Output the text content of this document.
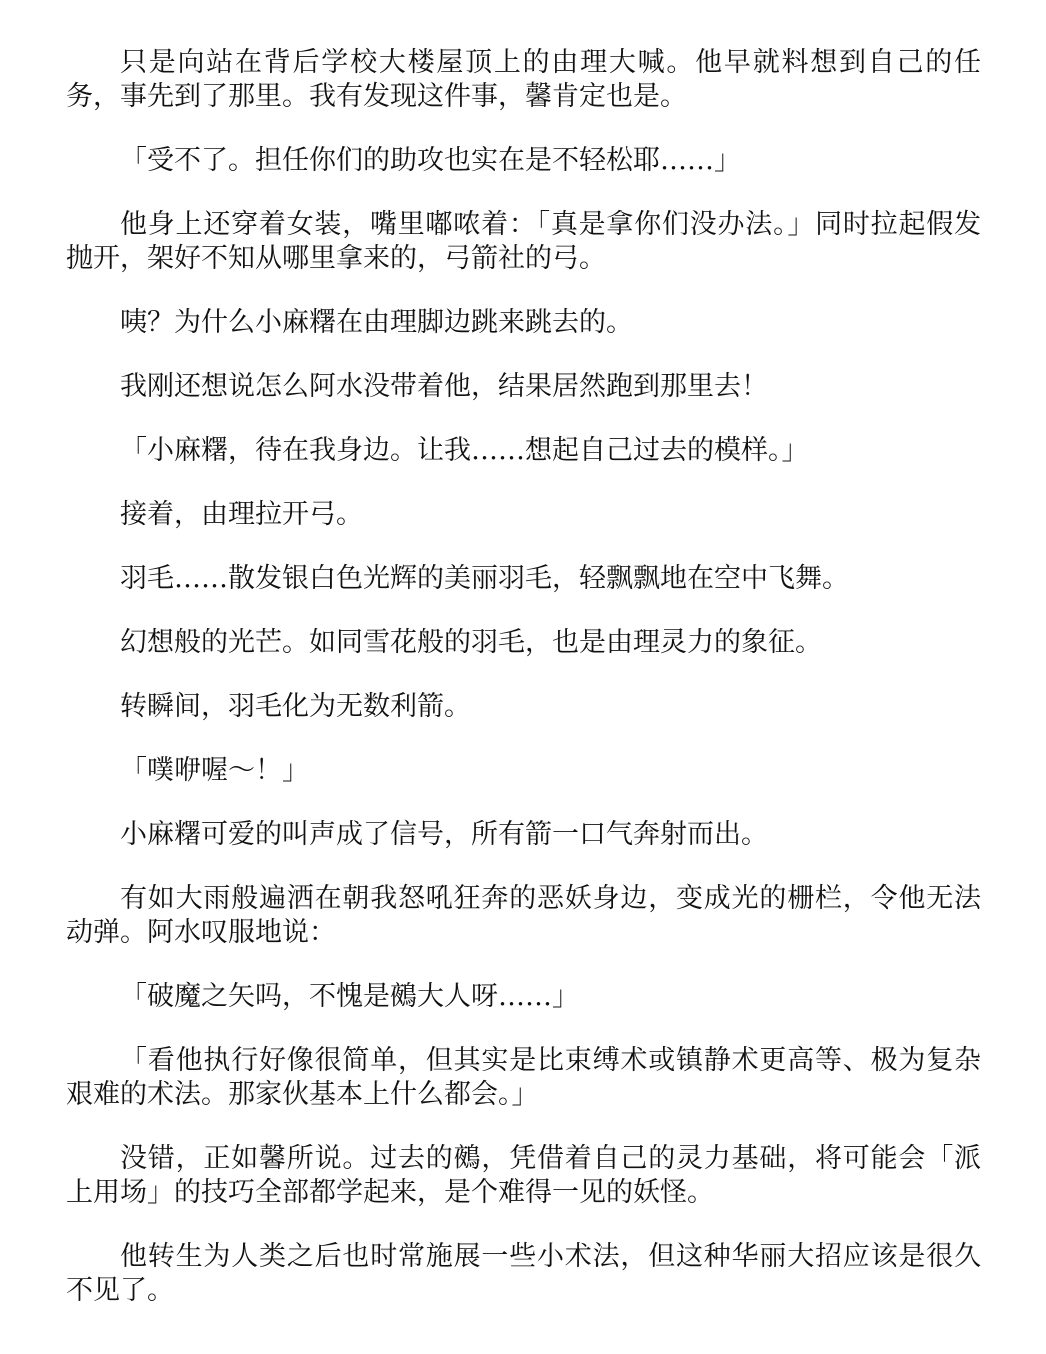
只是向站在背后学校大楼屋顶上的由理大喊。他早就料想到自己的任务，事先到了那里。我有发现这件事，馨肯定也是。

「受不了。担任你们的助攻也实在是不轻松耶……」

他身上还穿着女装，嘴里嘟哝着：「真是拿你们没办法。」同时拉起假发抛开，架好不知从哪里拿来的，弓箭社的弓。

咦？为什么小麻糬在由理脚边跳来跳去的。

我刚还想说怎么阿水没带着他，结果居然跑到那里去！

「小麻糬，待在我身边。让我……想起自己过去的模样。」

接着，由理拉开弓。

羽毛……散发银白色光辉的美丽羽毛，轻飘飘地在空中飞舞。

幻想般的光芒。如同雪花般的羽毛，也是由理灵力的象征。

转瞬间，羽毛化为无数利箭。

「噗咿喔～！」

小麻糬可爱的叫声成了信号，所有箭一口气奔射而出。

有如大雨般遍洒在朝我怒吼狂奔的恶妖身边，变成光的栅栏，令他无法动弹。阿水叹服地说：

「破魔之矢吗，不愧是鵺大人呀……」

「看他执行好像很简单，但其实是比束缚术或镇静术更高等、极为复杂艰难的术法。那家伙基本上什么都会。」

没错，正如馨所说。过去的鵺，凭借着自己的灵力基础，将可能会「派上用场」的技巧全部都学起来，是个难得一见的妖怪。

他转生为人类之后也时常施展一些小术法，但这种华丽大招应该是很久不见了。
